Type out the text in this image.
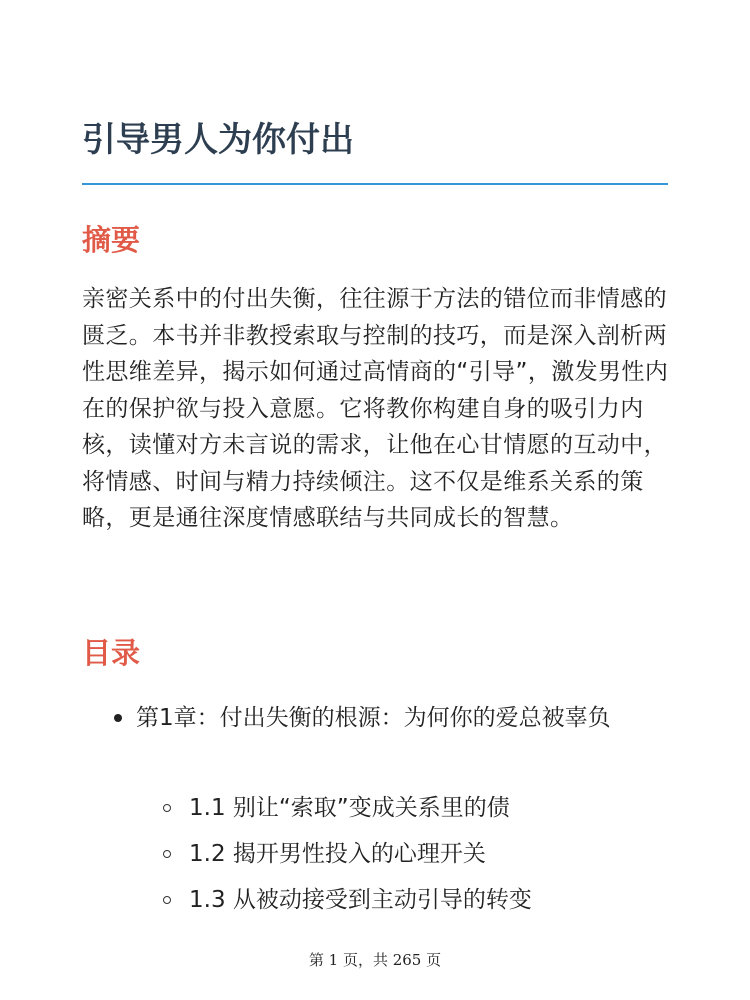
引导男人为你付出
摘要

亲密关系中的付出失衡，往往源于方法的错位而非情感的匮乏。本书并非教授索取与控制的技巧，而是深入剖析两性思维差异，揭示如何通过高情商的“引导”，激发男性内在的保护欲与投入意愿。它将教你构建自身的吸引力内核，读懂对方未言说的需求，让他在心甘情愿的互动中，将情感、时间与精力持续倾注。这不仅是维系关系的策略，更是通往深度情感联结与共同成长的智慧。

目录

第1章：付出失衡的根源：为何你的爱总被辜负

1.1 别让“索取”变成关系里的债

1.2 揭开男性投入的心理开关

1.3 从被动接受到主动引导的转变

第 1 页，共 265 页
